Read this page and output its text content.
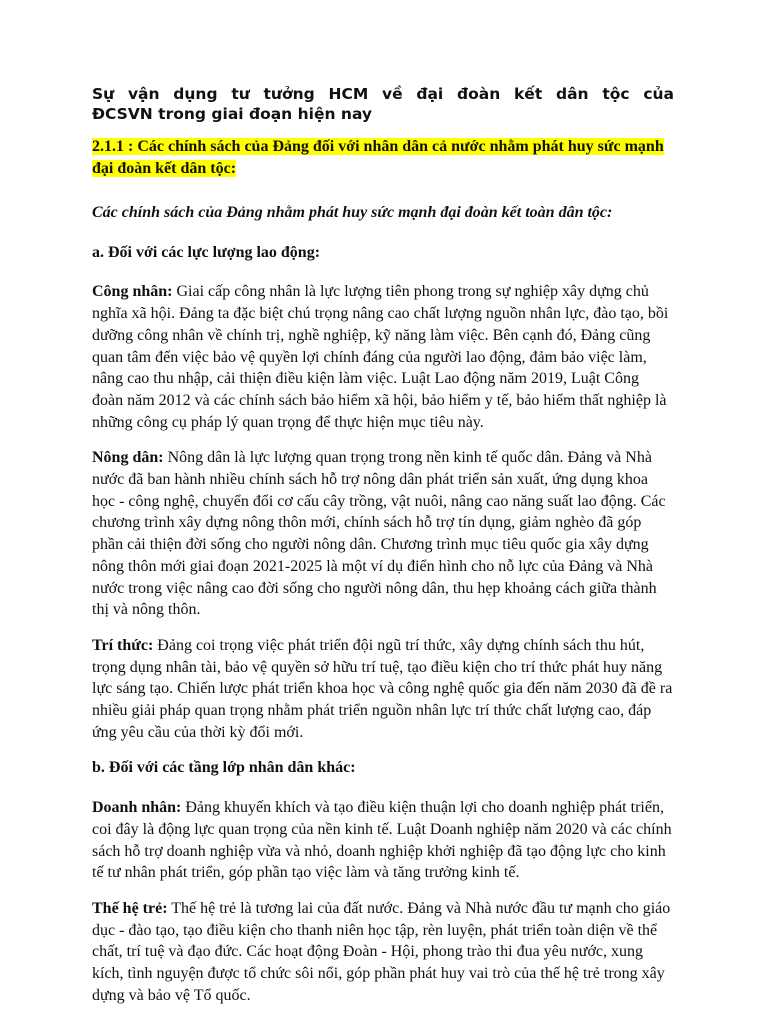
Sự vận dụng tư tưởng HCM về đại đoàn kết dân tộc của
ĐCSVN trong giai đoạn hiện nay

2.1.1 : Các chính sách của Đảng đối với nhân dân cả nước nhằm phát huy sức mạnh đại đoàn kết dân tộc:

Các chính sách của Đảng nhằm phát huy sức mạnh đại đoàn kết toàn dân tộc:

a. Đối với các lực lượng lao động:

Công nhân: Giai cấp công nhân là lực lượng tiên phong trong sự nghiệp xây dựng chủ nghĩa xã hội. Đảng ta đặc biệt chú trọng nâng cao chất lượng nguồn nhân lực, đào tạo, bồi dưỡng công nhân về chính trị, nghề nghiệp, kỹ năng làm việc. Bên cạnh đó, Đảng cũng quan tâm đến việc bảo vệ quyền lợi chính đáng của người lao động, đảm bảo việc làm, nâng cao thu nhập, cải thiện điều kiện làm việc. Luật Lao động năm 2019, Luật Công đoàn năm 2012 và các chính sách bảo hiểm xã hội, bảo hiểm y tế, bảo hiểm thất nghiệp là những công cụ pháp lý quan trọng để thực hiện mục tiêu này.

Nông dân: Nông dân là lực lượng quan trọng trong nền kinh tế quốc dân. Đảng và Nhà nước đã ban hành nhiều chính sách hỗ trợ nông dân phát triển sản xuất, ứng dụng khoa học - công nghệ, chuyển đổi cơ cấu cây trồng, vật nuôi, nâng cao năng suất lao động. Các chương trình xây dựng nông thôn mới, chính sách hỗ trợ tín dụng, giảm nghèo đã góp phần cải thiện đời sống cho người nông dân. Chương trình mục tiêu quốc gia xây dựng nông thôn mới giai đoạn 2021-2025 là một ví dụ điển hình cho nỗ lực của Đảng và Nhà nước trong việc nâng cao đời sống cho người nông dân, thu hẹp khoảng cách giữa thành thị và nông thôn.

Trí thức: Đảng coi trọng việc phát triển đội ngũ trí thức, xây dựng chính sách thu hút, trọng dụng nhân tài, bảo vệ quyền sở hữu trí tuệ, tạo điều kiện cho trí thức phát huy năng lực sáng tạo. Chiến lược phát triển khoa học và công nghệ quốc gia đến năm 2030 đã đề ra nhiều giải pháp quan trọng nhằm phát triển nguồn nhân lực trí thức chất lượng cao, đáp ứng yêu cầu của thời kỳ đổi mới.

b. Đối với các tầng lớp nhân dân khác:

Doanh nhân: Đảng khuyến khích và tạo điều kiện thuận lợi cho doanh nghiệp phát triển, coi đây là động lực quan trọng của nền kinh tế. Luật Doanh nghiệp năm 2020 và các chính sách hỗ trợ doanh nghiệp vừa và nhỏ, doanh nghiệp khởi nghiệp đã tạo động lực cho kinh tế tư nhân phát triển, góp phần tạo việc làm và tăng trưởng kinh tế.

Thế hệ trẻ: Thế hệ trẻ là tương lai của đất nước. Đảng và Nhà nước đầu tư mạnh cho giáo dục - đào tạo, tạo điều kiện cho thanh niên học tập, rèn luyện, phát triển toàn diện về thể chất, trí tuệ và đạo đức. Các hoạt động Đoàn - Hội, phong trào thi đua yêu nước, xung kích, tình nguyện được tổ chức sôi nổi, góp phần phát huy vai trò của thế hệ trẻ trong xây dựng và bảo vệ Tổ quốc.
